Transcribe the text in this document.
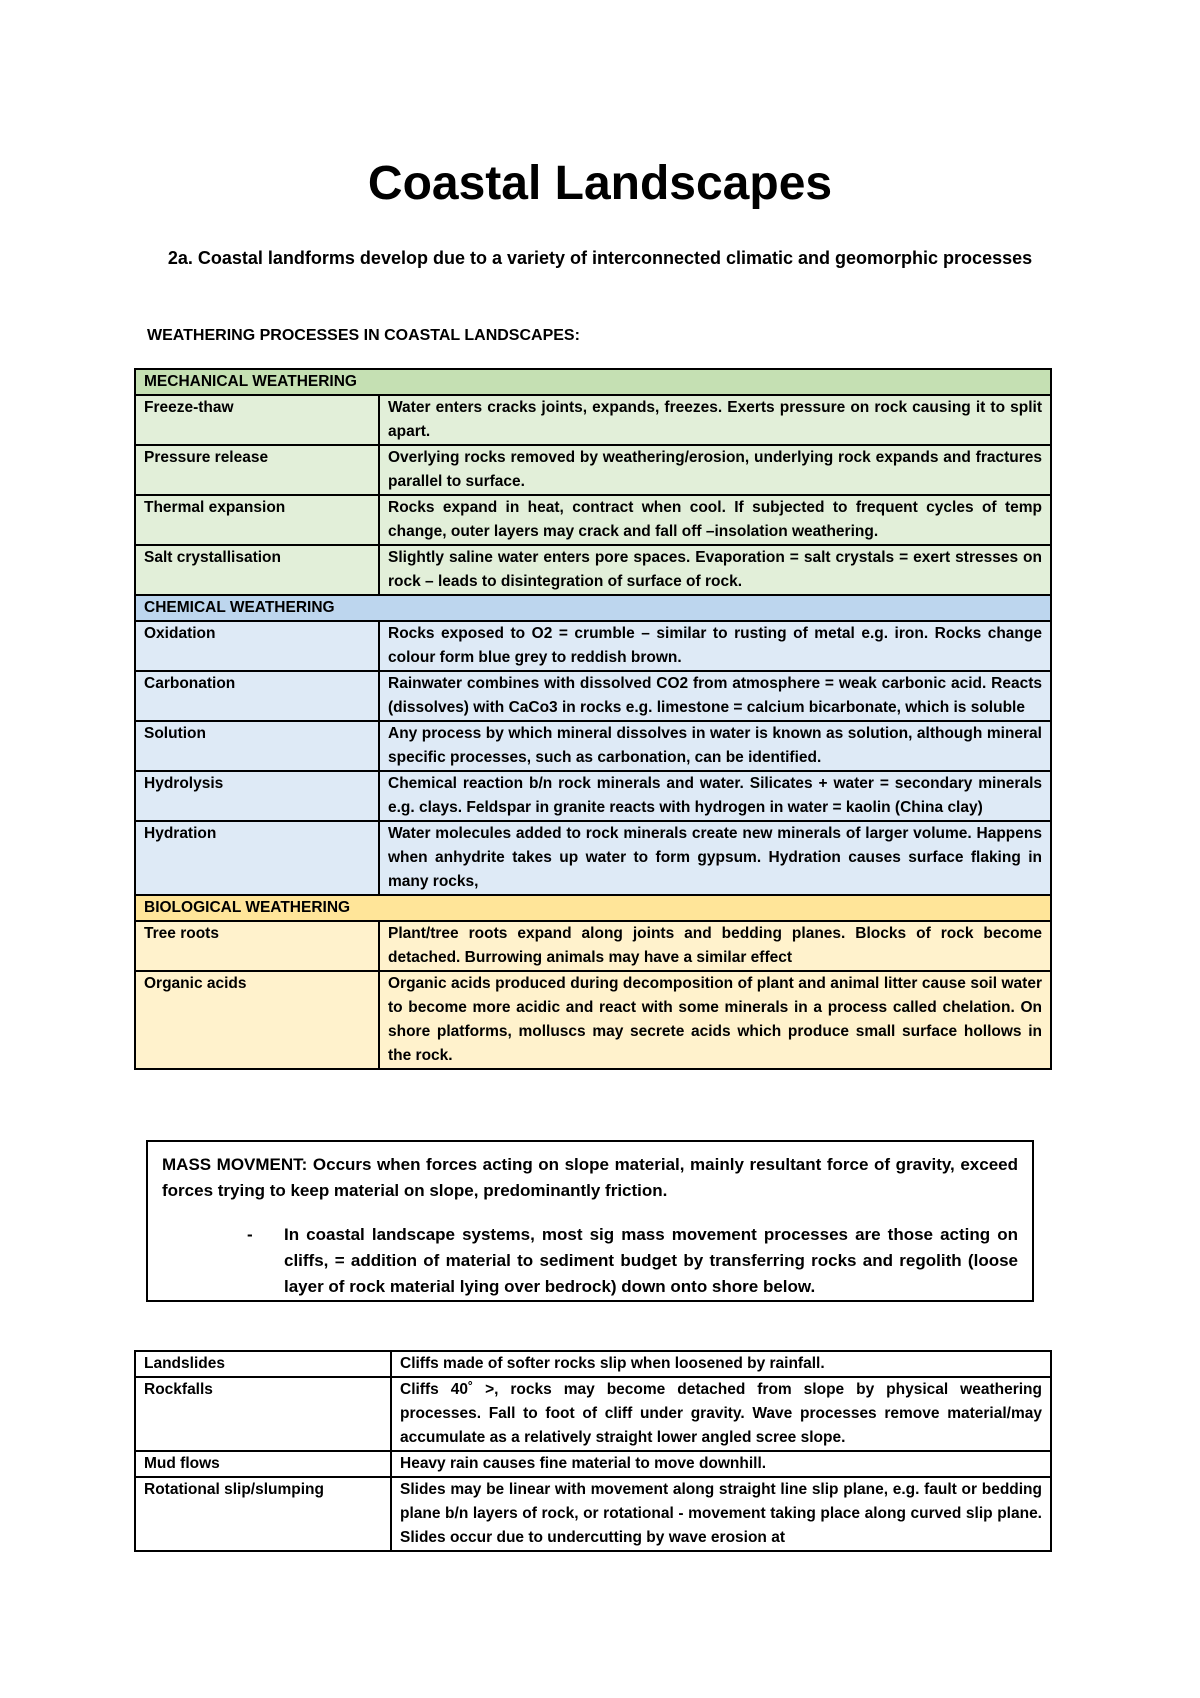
Coastal Landscapes
2a. Coastal landforms develop due to a variety of interconnected climatic and geomorphic processes
WEATHERING PROCESSES IN COASTAL LANDSCAPES:
MECHANICAL WEATHERING	
Freeze-thaw	Water enters cracks joints, expands, freezes. Exerts pressure on rock causing it to split apart.
Pressure release	Overlying rocks removed by weathering/erosion, underlying rock expands and fractures parallel to surface.
Thermal expansion	Rocks expand in heat, contract when cool. If subjected to frequent cycles of temp change, outer layers may crack and fall off –insolation weathering.
Salt crystallisation	Slightly saline water enters pore spaces. Evaporation = salt crystals = exert stresses on rock – leads to disintegration of surface of rock.
CHEMICAL WEATHERING	
Oxidation	Rocks exposed to O2 = crumble – similar to rusting of metal e.g. iron. Rocks change colour form blue grey to reddish brown.
Carbonation	Rainwater combines with dissolved CO2 from atmosphere = weak carbonic acid. Reacts (dissolves) with CaCo3 in rocks e.g. limestone = calcium bicarbonate, which is soluble
Solution	Any process by which mineral dissolves in water is known as solution, although mineral specific processes, such as carbonation, can be identified.
Hydrolysis	Chemical reaction b/n rock minerals and water. Silicates + water = secondary minerals e.g. clays. Feldspar in granite reacts with hydrogen in water = kaolin (China clay)
Hydration	Water molecules added to rock minerals create new minerals of larger volume. Happens when anhydrite takes up water to form gypsum. Hydration causes surface flaking in many rocks,
BIOLOGICAL WEATHERING	
Tree roots	Plant/tree roots expand along joints and bedding planes. Blocks of rock become detached. Burrowing animals may have a similar effect
Organic acids	Organic acids produced during decomposition of plant and animal litter cause soil water to become more acidic and react with some minerals in a process called chelation. On shore platforms, molluscs may secrete acids which produce small surface hollows in the rock.

MASS MOVMENT: Occurs when forces acting on slope material, mainly resultant force of gravity, exceed forces trying to keep material on slope, predominantly friction.

-	In coastal landscape systems, most sig mass movement processes are those acting on cliffs, = addition of material to sediment budget by transferring rocks and regolith (loose layer of rock material lying over bedrock) down onto shore below.
Landslides	Cliffs made of softer rocks slip when loosened by rainfall.
Rockfalls	Cliffs 40˚ >, rocks may become detached from slope by physical weathering processes. Fall to foot of cliff under gravity. Wave processes remove material/may accumulate as a relatively straight lower angled scree slope.
Mud flows	Heavy rain causes fine material to move downhill.
Rotational slip/slumping	Slides may be linear with movement along straight line slip plane, e.g. fault or bedding plane b/n layers of rock, or rotational - movement taking place along curved slip plane. Slides occur due to undercutting by wave erosion at
